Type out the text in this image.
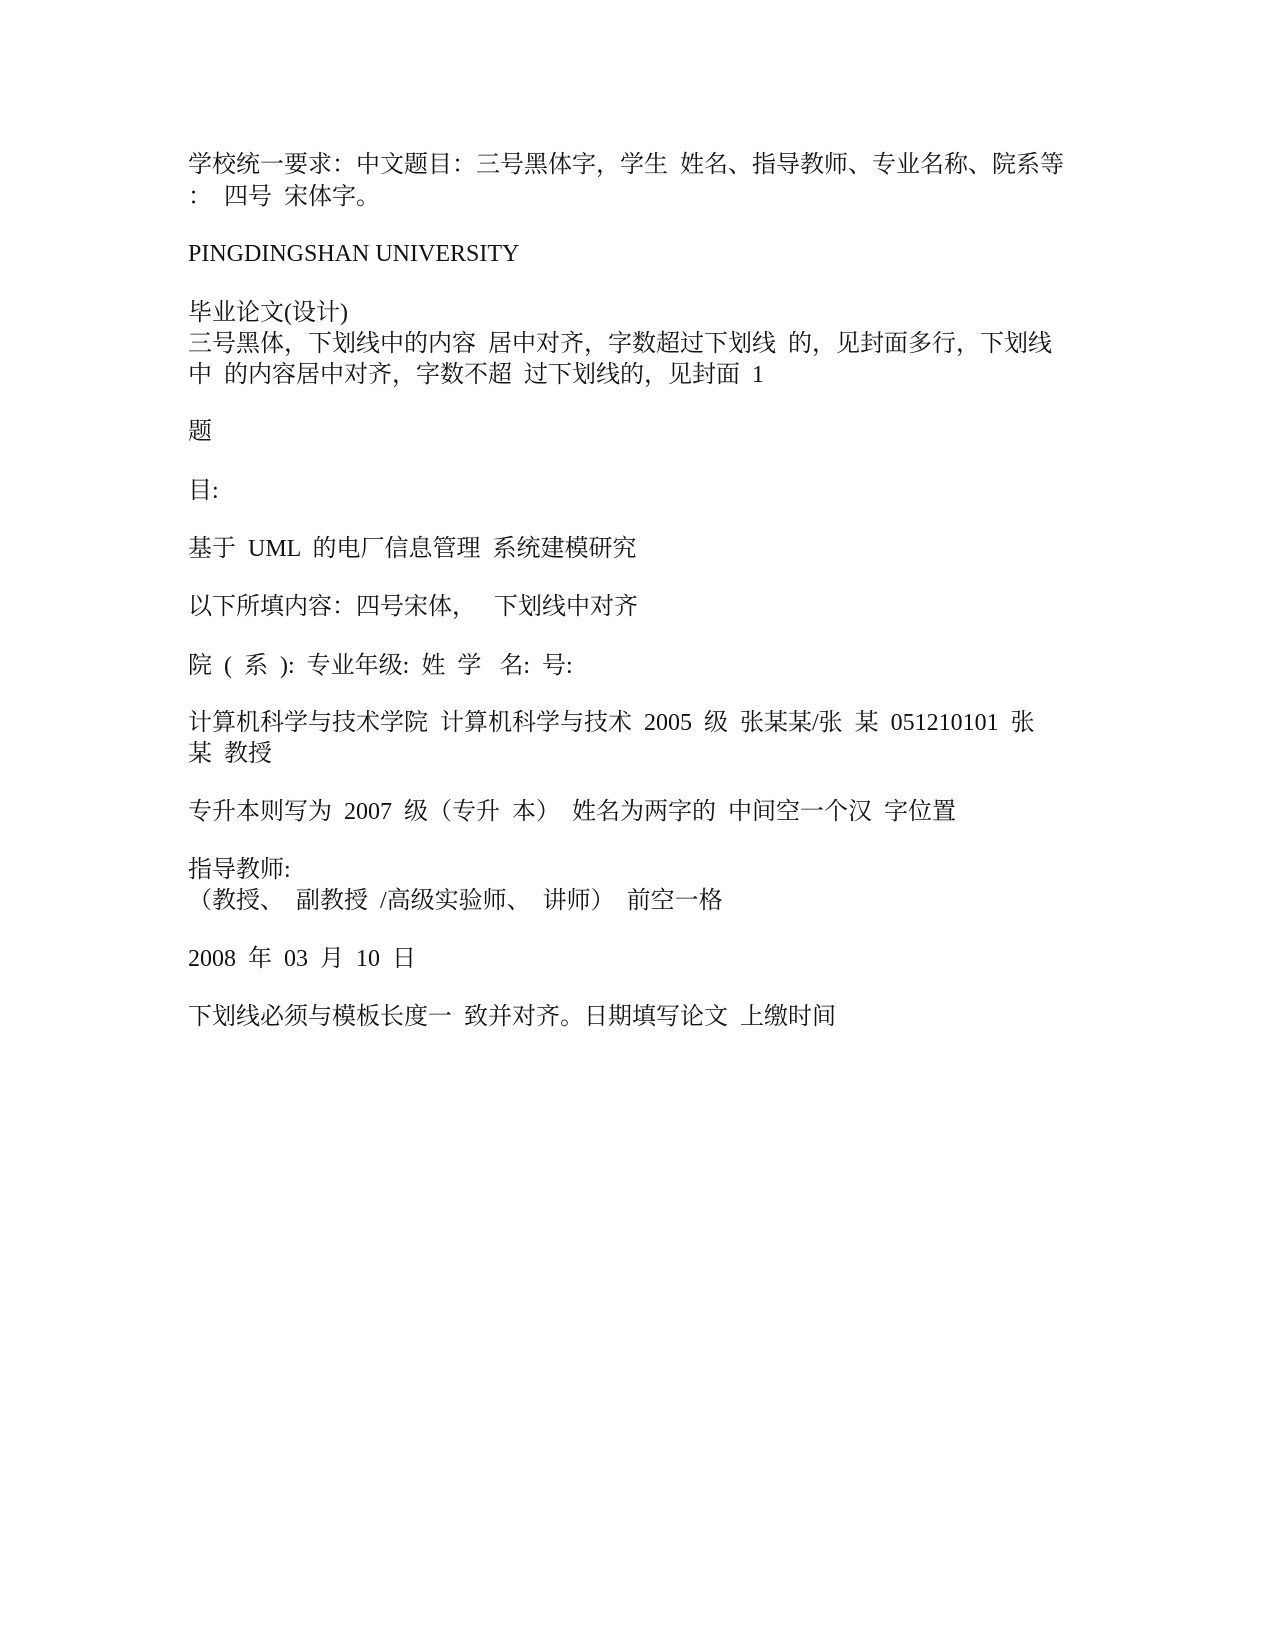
学校统一要求：中文题目：三号黑体字，学生  姓名、指导教师、专业名称、院系等
：  四号  宋体字。
PINGDINGSHAN UNIVERSITY
毕业论文(设计)
三号黑体，下划线中的内容  居中对齐，字数超过下划线  的，见封面多行，下划线
中  的内容居中对齐，字数不超  过下划线的，见封面  1
题
目:
基于  UML  的电厂信息管理  系统建模研究
以下所填内容：四号宋体，   下划线中对齐
院  (  系  ):  专业年级:  姓  学   名:  号:
计算机科学与技术学院  计算机科学与技术  2005  级  张某某/张  某  051210101  张
某  教授
专升本则写为  2007  级（专升  本）  姓名为两字的  中间空一个汉  字位置
指导教师:
（教授、  副教授  /高级实验师、  讲师）  前空一格
2008  年  03  月  10  日
下划线必须与模板长度一  致并对齐。日期填写论文  上缴时间
